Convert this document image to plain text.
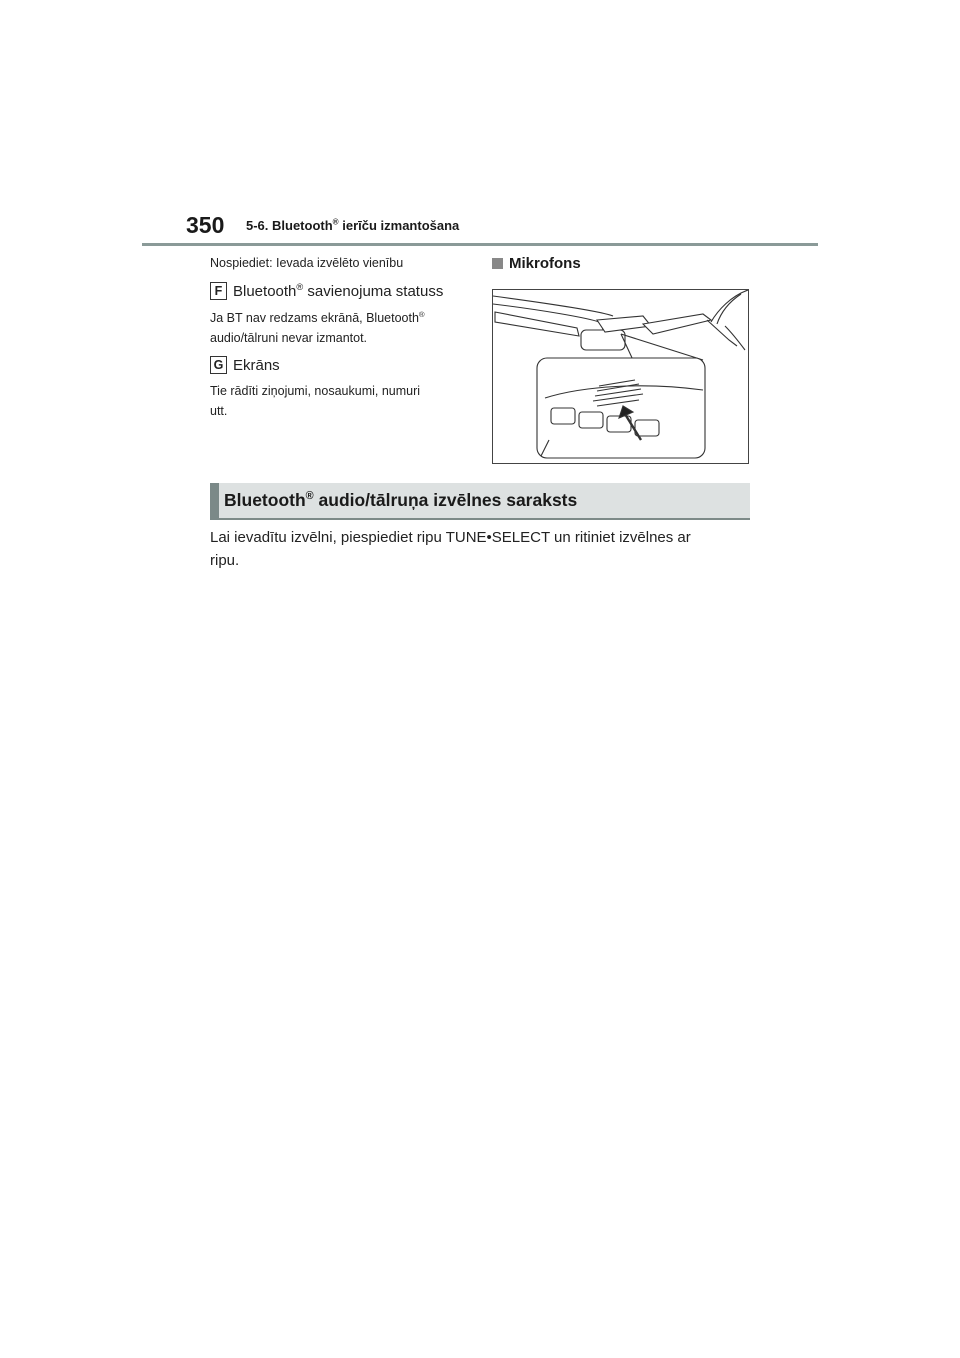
350 5-6. Bluetooth® ierīču izmantošana
Nospiediet: Ievada izvēlēto vienību
F Bluetooth® savienojuma statuss
Ja BT nav redzams ekrānā, Bluetooth®
audio/tālruni nevar izmantot.
G Ekrāns
Tie rādīti ziņojumi, nosaukumi, numuri
utt.
Mikrofons
Bluetooth® audio/tālruņa izvēlnes saraksts
Lai ievadītu izvēlni, piespiediet ripu TUNE•SELECT un ritiniet izvēlnes ar
ripu.
